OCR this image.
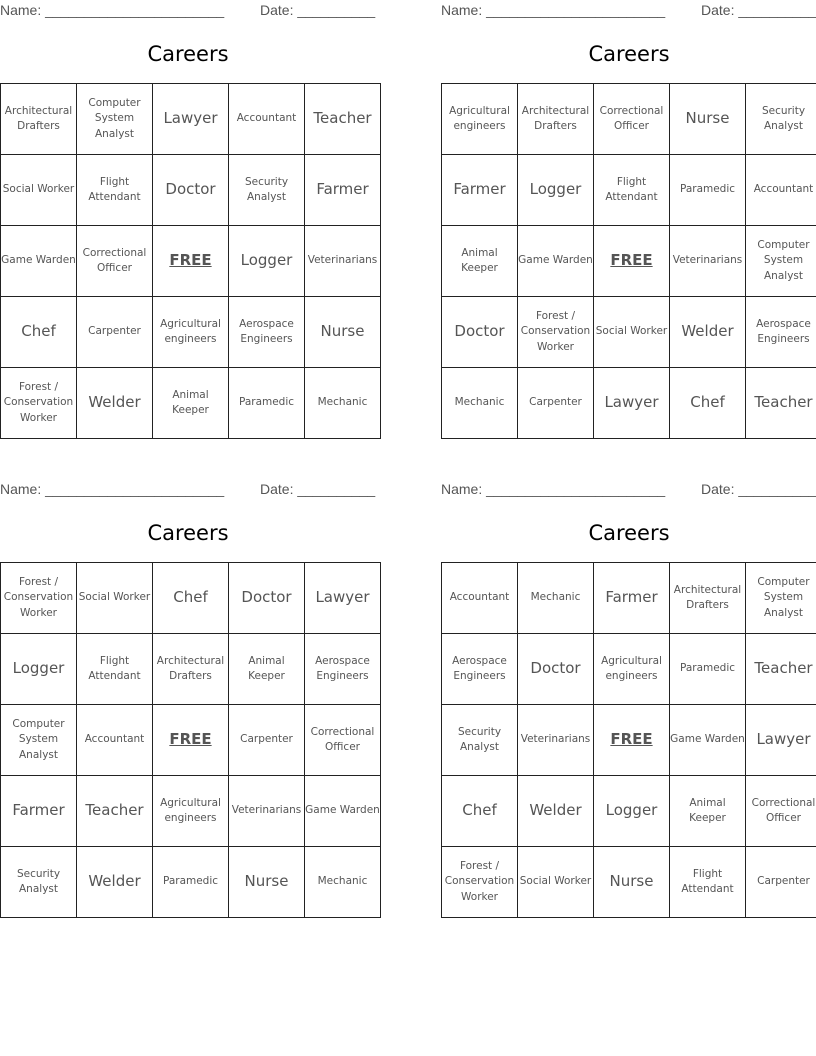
Name: _______________________	Date: __________
Careers
Architectural Drafters	Computer System Analyst	Lawyer	Accountant	Teacher
Social Worker	Flight Attendant	Doctor	Security Analyst	Farmer
Game Warden	Correctional Officer	FREE	Logger	Veterinarians
Chef	Carpenter	Agricultural engineers	Aerospace Engineers	Nurse
Forest / Conservation Worker	Welder	Animal Keeper	Paramedic	Mechanic
Name: _______________________	Date: __________
Careers
Agricultural engineers	Architectural Drafters	Correctional Officer	Nurse	Security Analyst
Farmer	Logger	Flight Attendant	Paramedic	Accountant
Animal Keeper	Game Warden	FREE	Veterinarians	Computer System Analyst
Doctor	Forest / Conservation Worker	Social Worker	Welder	Aerospace Engineers
Mechanic	Carpenter	Lawyer	Chef	Teacher
Name: _______________________	Date: __________
Careers
Forest / Conservation Worker	Social Worker	Chef	Doctor	Lawyer
Logger	Flight Attendant	Architectural Drafters	Animal Keeper	Aerospace Engineers
Computer System Analyst	Accountant	FREE	Carpenter	Correctional Officer
Farmer	Teacher	Agricultural engineers	Veterinarians	Game Warden
Security Analyst	Welder	Paramedic	Nurse	Mechanic
Name: _______________________	Date: __________
Careers
Accountant	Mechanic	Farmer	Architectural Drafters	Computer System Analyst
Aerospace Engineers	Doctor	Agricultural engineers	Paramedic	Teacher
Security Analyst	Veterinarians	FREE	Game Warden	Lawyer
Chef	Welder	Logger	Animal Keeper	Correctional Officer
Forest / Conservation Worker	Social Worker	Nurse	Flight Attendant	Carpenter
